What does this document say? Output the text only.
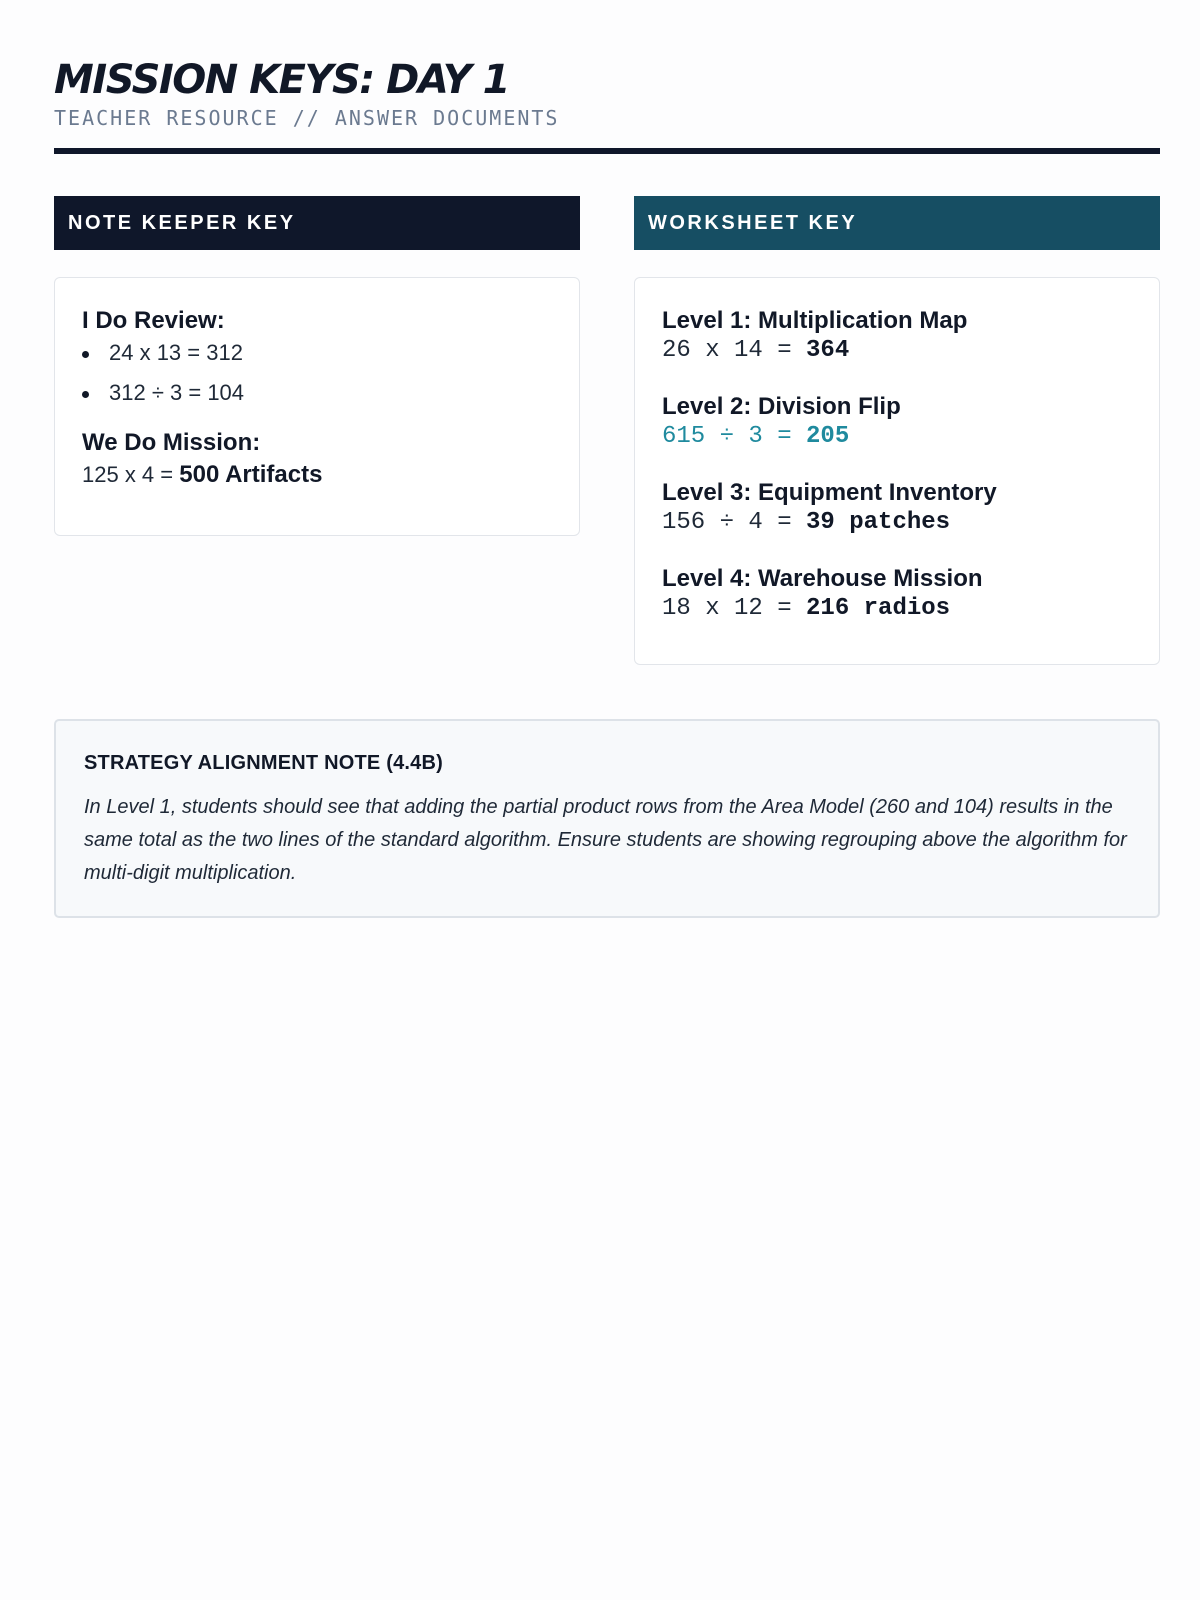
MISSION KEYS: DAY 1
TEACHER RESOURCE // ANSWER DOCUMENTS
NOTE KEEPER KEY	WORKSHEET KEY
I Do Review:
24 x 13 = 312
312 ÷ 3 = 104
We Do Mission:
125 x 4 = 500 Artifacts
Level 1: Multiplication Map
26 x 14 = 364
Level 2: Division Flip
615 ÷ 3 = 205
Level 3: Equipment Inventory
156 ÷ 4 = 39 patches
Level 4: Warehouse Mission
18 x 12 = 216 radios
STRATEGY ALIGNMENT NOTE (4.4B)
In Level 1, students should see that adding the partial product rows from the Area Model (260 and 104) results in the same total as the two lines of the standard algorithm. Ensure students are showing regrouping above the algorithm for multi-digit multiplication.
